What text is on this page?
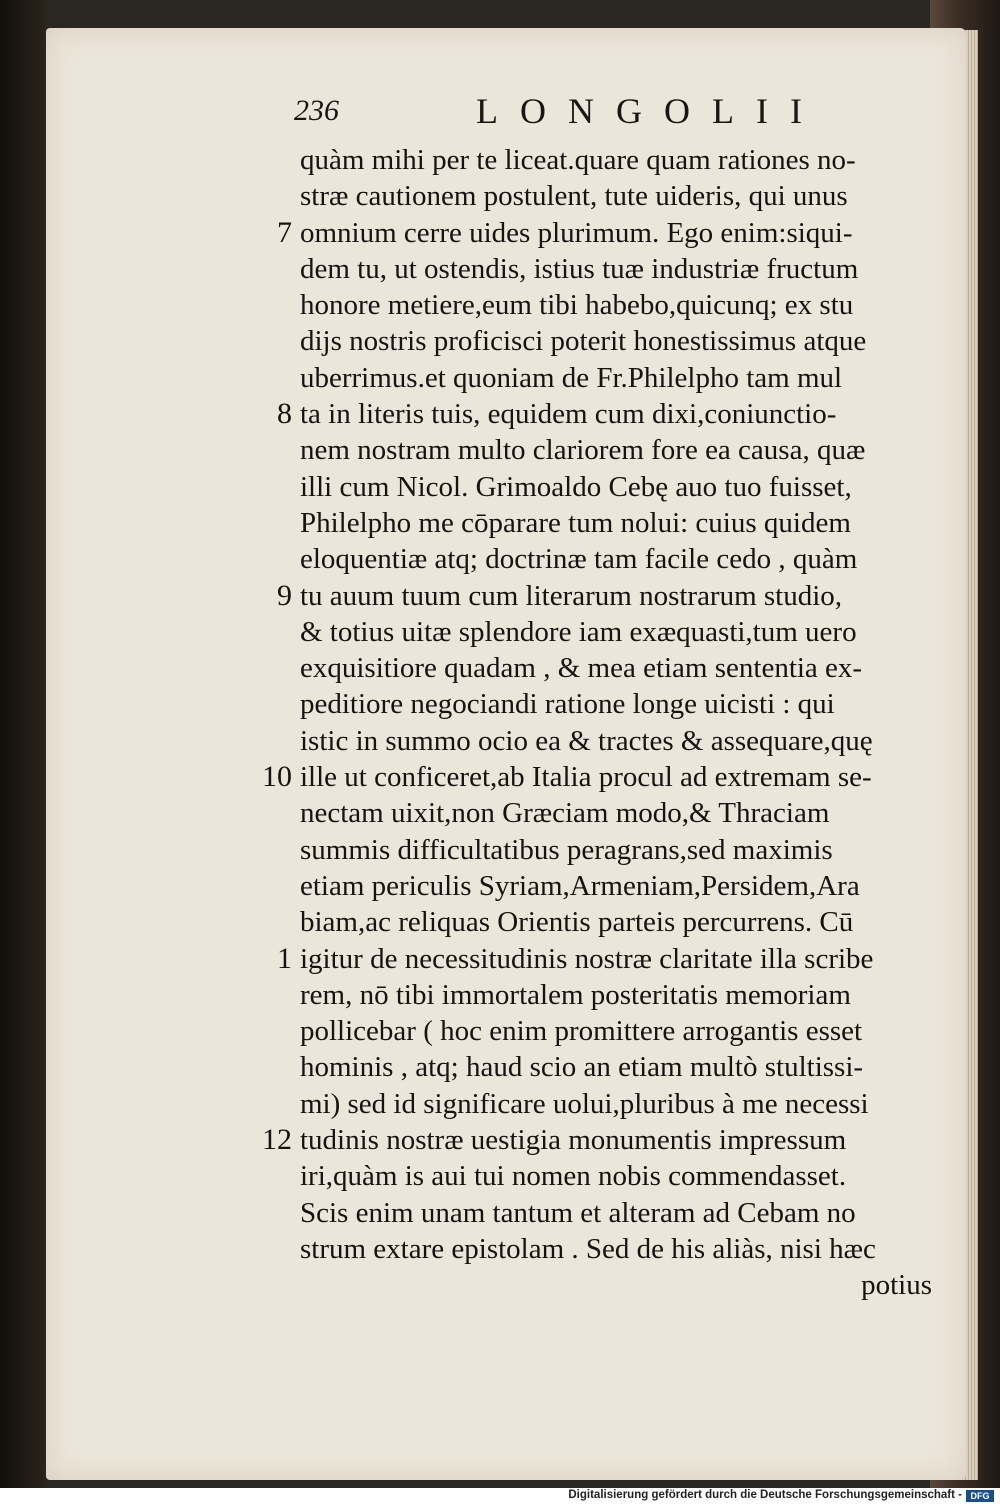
236	LONGOLII
quàm mihi per te liceat.quare quam rationes no-
stræ cautionem postulent, tute uideris, qui unus
7 omnium cerre uides plurimum. Ego enim:siqui-
dem tu, ut ostendis, istius tuæ industriæ fructum
honore metiere,eum tibi habebo,quicunq; ex stu
dijs nostris proficisci poterit honestissimus atque
uberrimus.et quoniam de Fr.Philelpho tam mul
8 ta in literis tuis, equidem cum dixi,coniunctio-
nem nostram multo clariorem fore ea causa, quæ
illi cum Nicol. Grimoaldo Cebę auo tuo fuisset,
Philelpho me cōparare tum nolui: cuius quidem
eloquentiæ atq; doctrinæ tam facile cedo , quàm
9 tu auum tuum cum literarum nostrarum studio,
& totius uitæ splendore iam exæquasti,tum uero
exquisitiore quadam , & mea etiam sententia ex-
peditiore negociandi ratione longe uicisti : qui
istic in summo ocio ea & tractes & assequare,quę
10 ille ut conficeret,ab Italia procul ad extremam se-
nectam uixit,non Græciam modo,& Thraciam
summis difficultatibus peragrans,sed maximis
etiam periculis Syriam,Armeniam,Persidem,Ara
biam,ac reliquas Orientis parteis percurrens. Cū
1 igitur de necessitudinis nostræ claritate illa scribe
rem, nō tibi immortalem posteritatis memoriam
pollicebar ( hoc enim promittere arrogantis esset
hominis , atq; haud scio an etiam multò stultissi-
mi) sed id significare uolui,pluribus à me necessi
12 tudinis nostræ uestigia monumentis impressum
iri,quàm is aui tui nomen nobis commendasset.
Scis enim unam tantum et alteram ad Cebam no
strum extare epistolam . Sed de his aliàs, nisi hæc
potius
Digitalisierung gefördert durch die Deutsche Forschungsgemeinschaft - DFG
